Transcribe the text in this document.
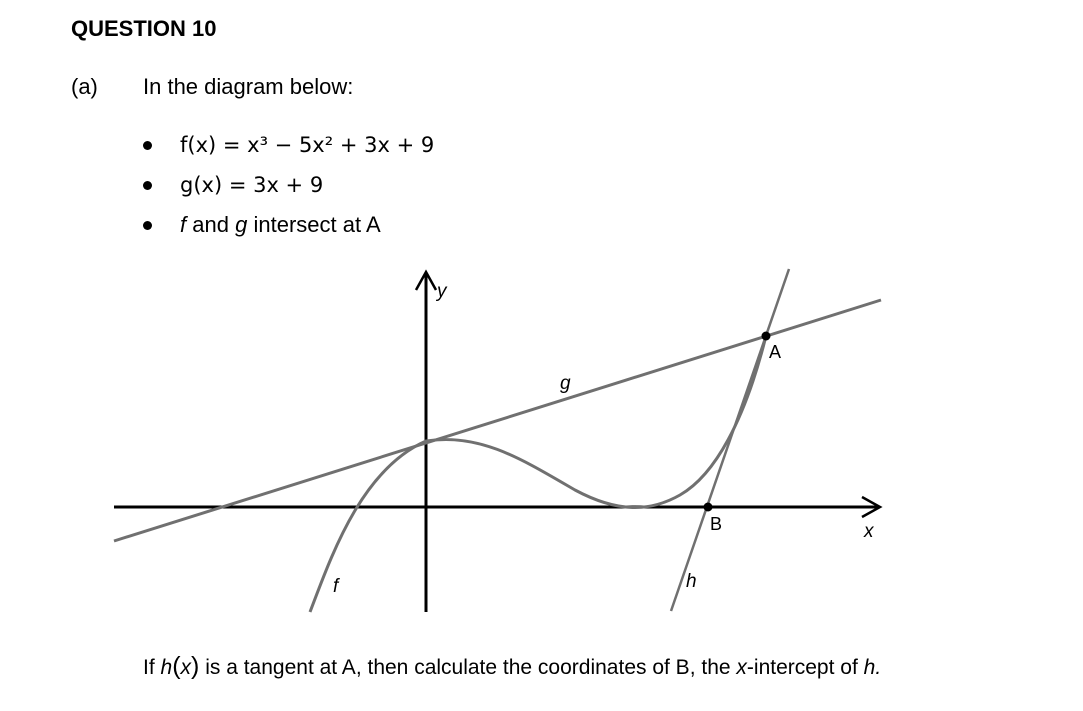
QUESTION 10
(a) In the diagram below:
f(x) = x³ − 5x² + 3x + 9
g(x) = 3x + 9
f and g intersect at A
y
x
g
f	h
A
B
If h(x) is a tangent at A, then calculate the coordinates of B, the x-intercept of h.
